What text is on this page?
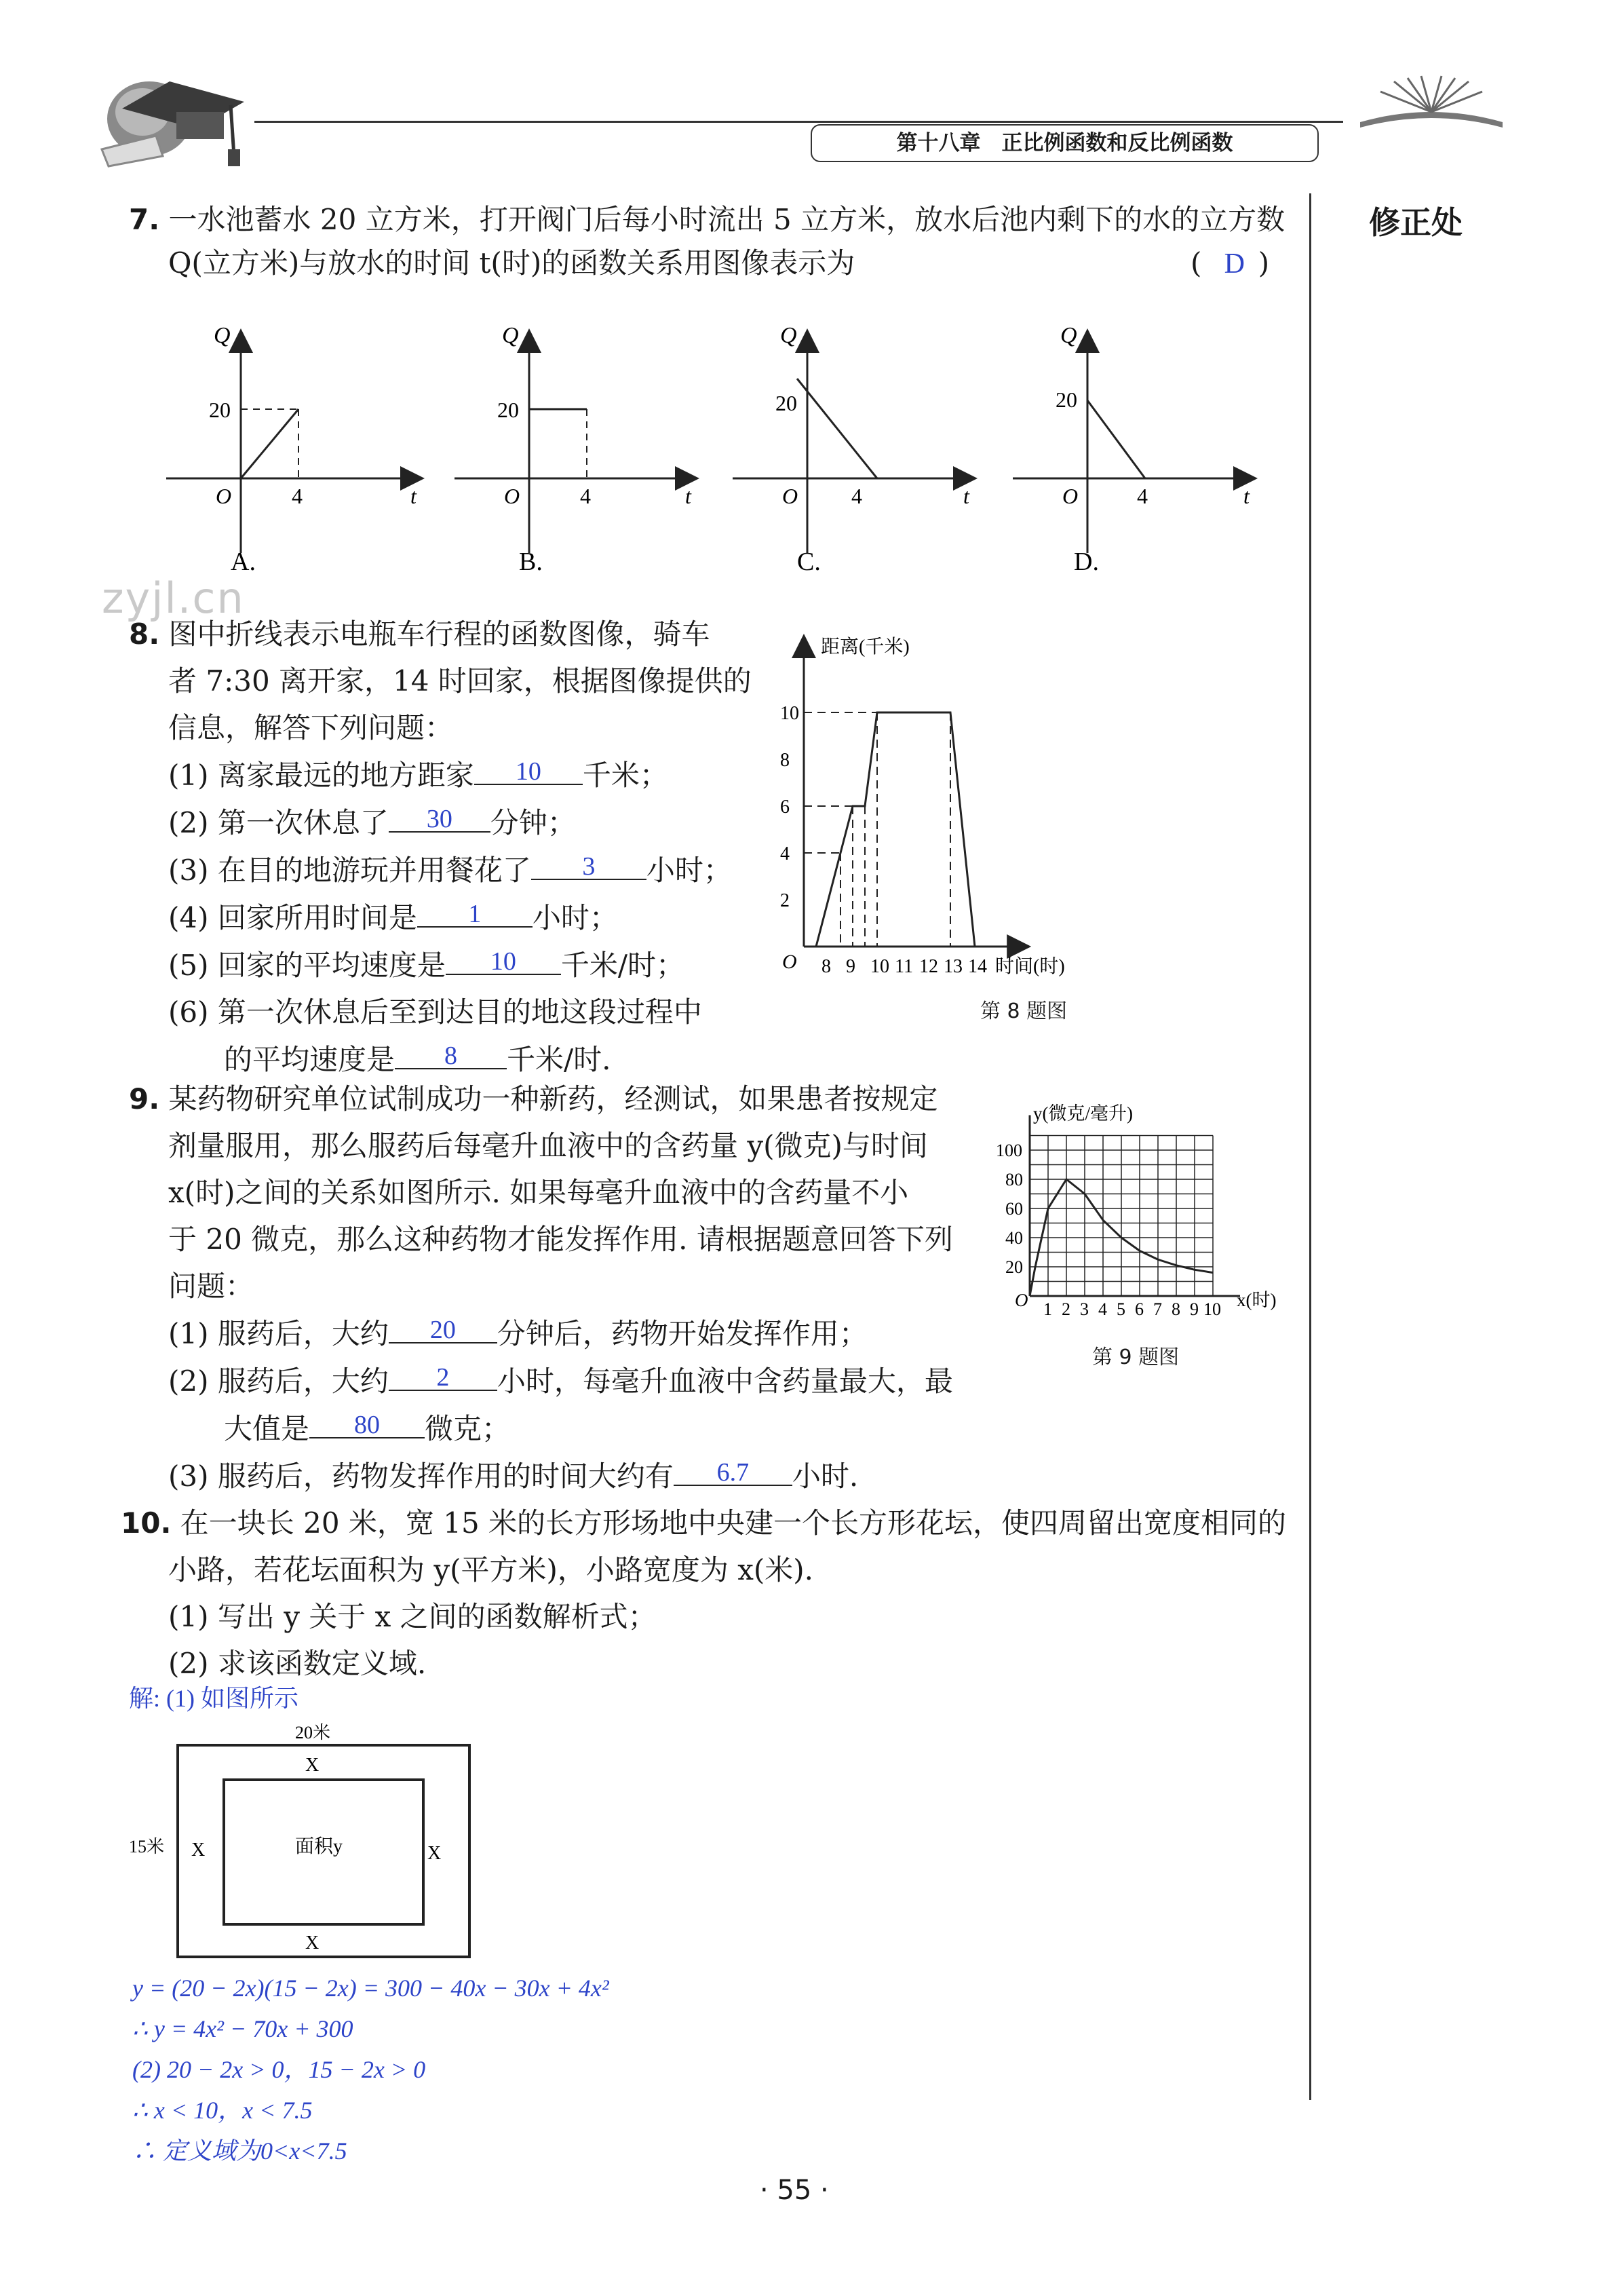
第十八章　正比例函数和反比例函数
修正处
7. 一水池蓄水 20 立方米，打开阀门后每小时流出 5 立方米，放水后池内剩下的水的立方数
Q(立方米)与放水的时间 t(时)的函数关系用图像表示为	( D )
Q
20
O	4	t
A.
Q
20
O	4	t
B.
Q
20
O 4	t
C.
Q
20
O	4	t
D.
zyjl.cn
8. 图中折线表示电瓶车行程的函数图像，骑车
者 7:30 离开家，14 时回家，根据图像提供的
信息，解答下列问题：
(1) 离家最远的地方距家	10	千米；
(2) 第一次休息了	30	分钟；
(3) 在目的地游玩并用餐花了	3	小时；
(4) 回家所用时间是	1	小时；
(5) 回家的平均速度是	10	千米/时；
(6) 第一次休息后至到达目的地这段过程中
的平均速度是	8	千米/时.
距离(千米)
时间(时)
O
2
4
6
8
10
8 9 10 11 12 13 14
第 8 题图
9. 某药物研究单位试制成功一种新药，经测试，如果患者按规定
剂量服用，那么服药后每毫升血液中的含药量 y(微克)与时间
x(时)之间的关系如图所示. 如果每毫升血液中的含药量不小
于 20 微克，那么这种药物才能发挥作用. 请根据题意回答下列
问题：
(1) 服药后，大约	20	分钟后，药物开始发挥作用；
(2) 服药后，大约	2	小时，每毫升血液中含药量最大，最
大值是	80	微克；
(3) 服药后，药物发挥作用的时间大约有	6.7	小时.
y(微克/毫升)
x(时)
O
20
40
60
80
100
1 2 3 4 5 6 7 8 9 10
第 9 题图
10. 在一块长 20 米，宽 15 米的长方形场地中央建一个长方形花坛，使四周留出宽度相同的
小路，若花坛面积为 y(平方米)，小路宽度为 x(米).
(1) 写出 y 关于 x 之间的函数解析式；
(2) 求该函数定义域.
解: (1) 如图所示
20米
15米
X
X
X	X
面积y
y = (20 − 2x)(15 − 2x) = 300 − 40x − 30x + 4x²
∴ y = 4x² − 70x + 300
(2) 20 − 2x > 0，15 − 2x > 0
∴ x < 10，x < 7.5
∴ 定义域为0<x<7.5
· 55 ·
